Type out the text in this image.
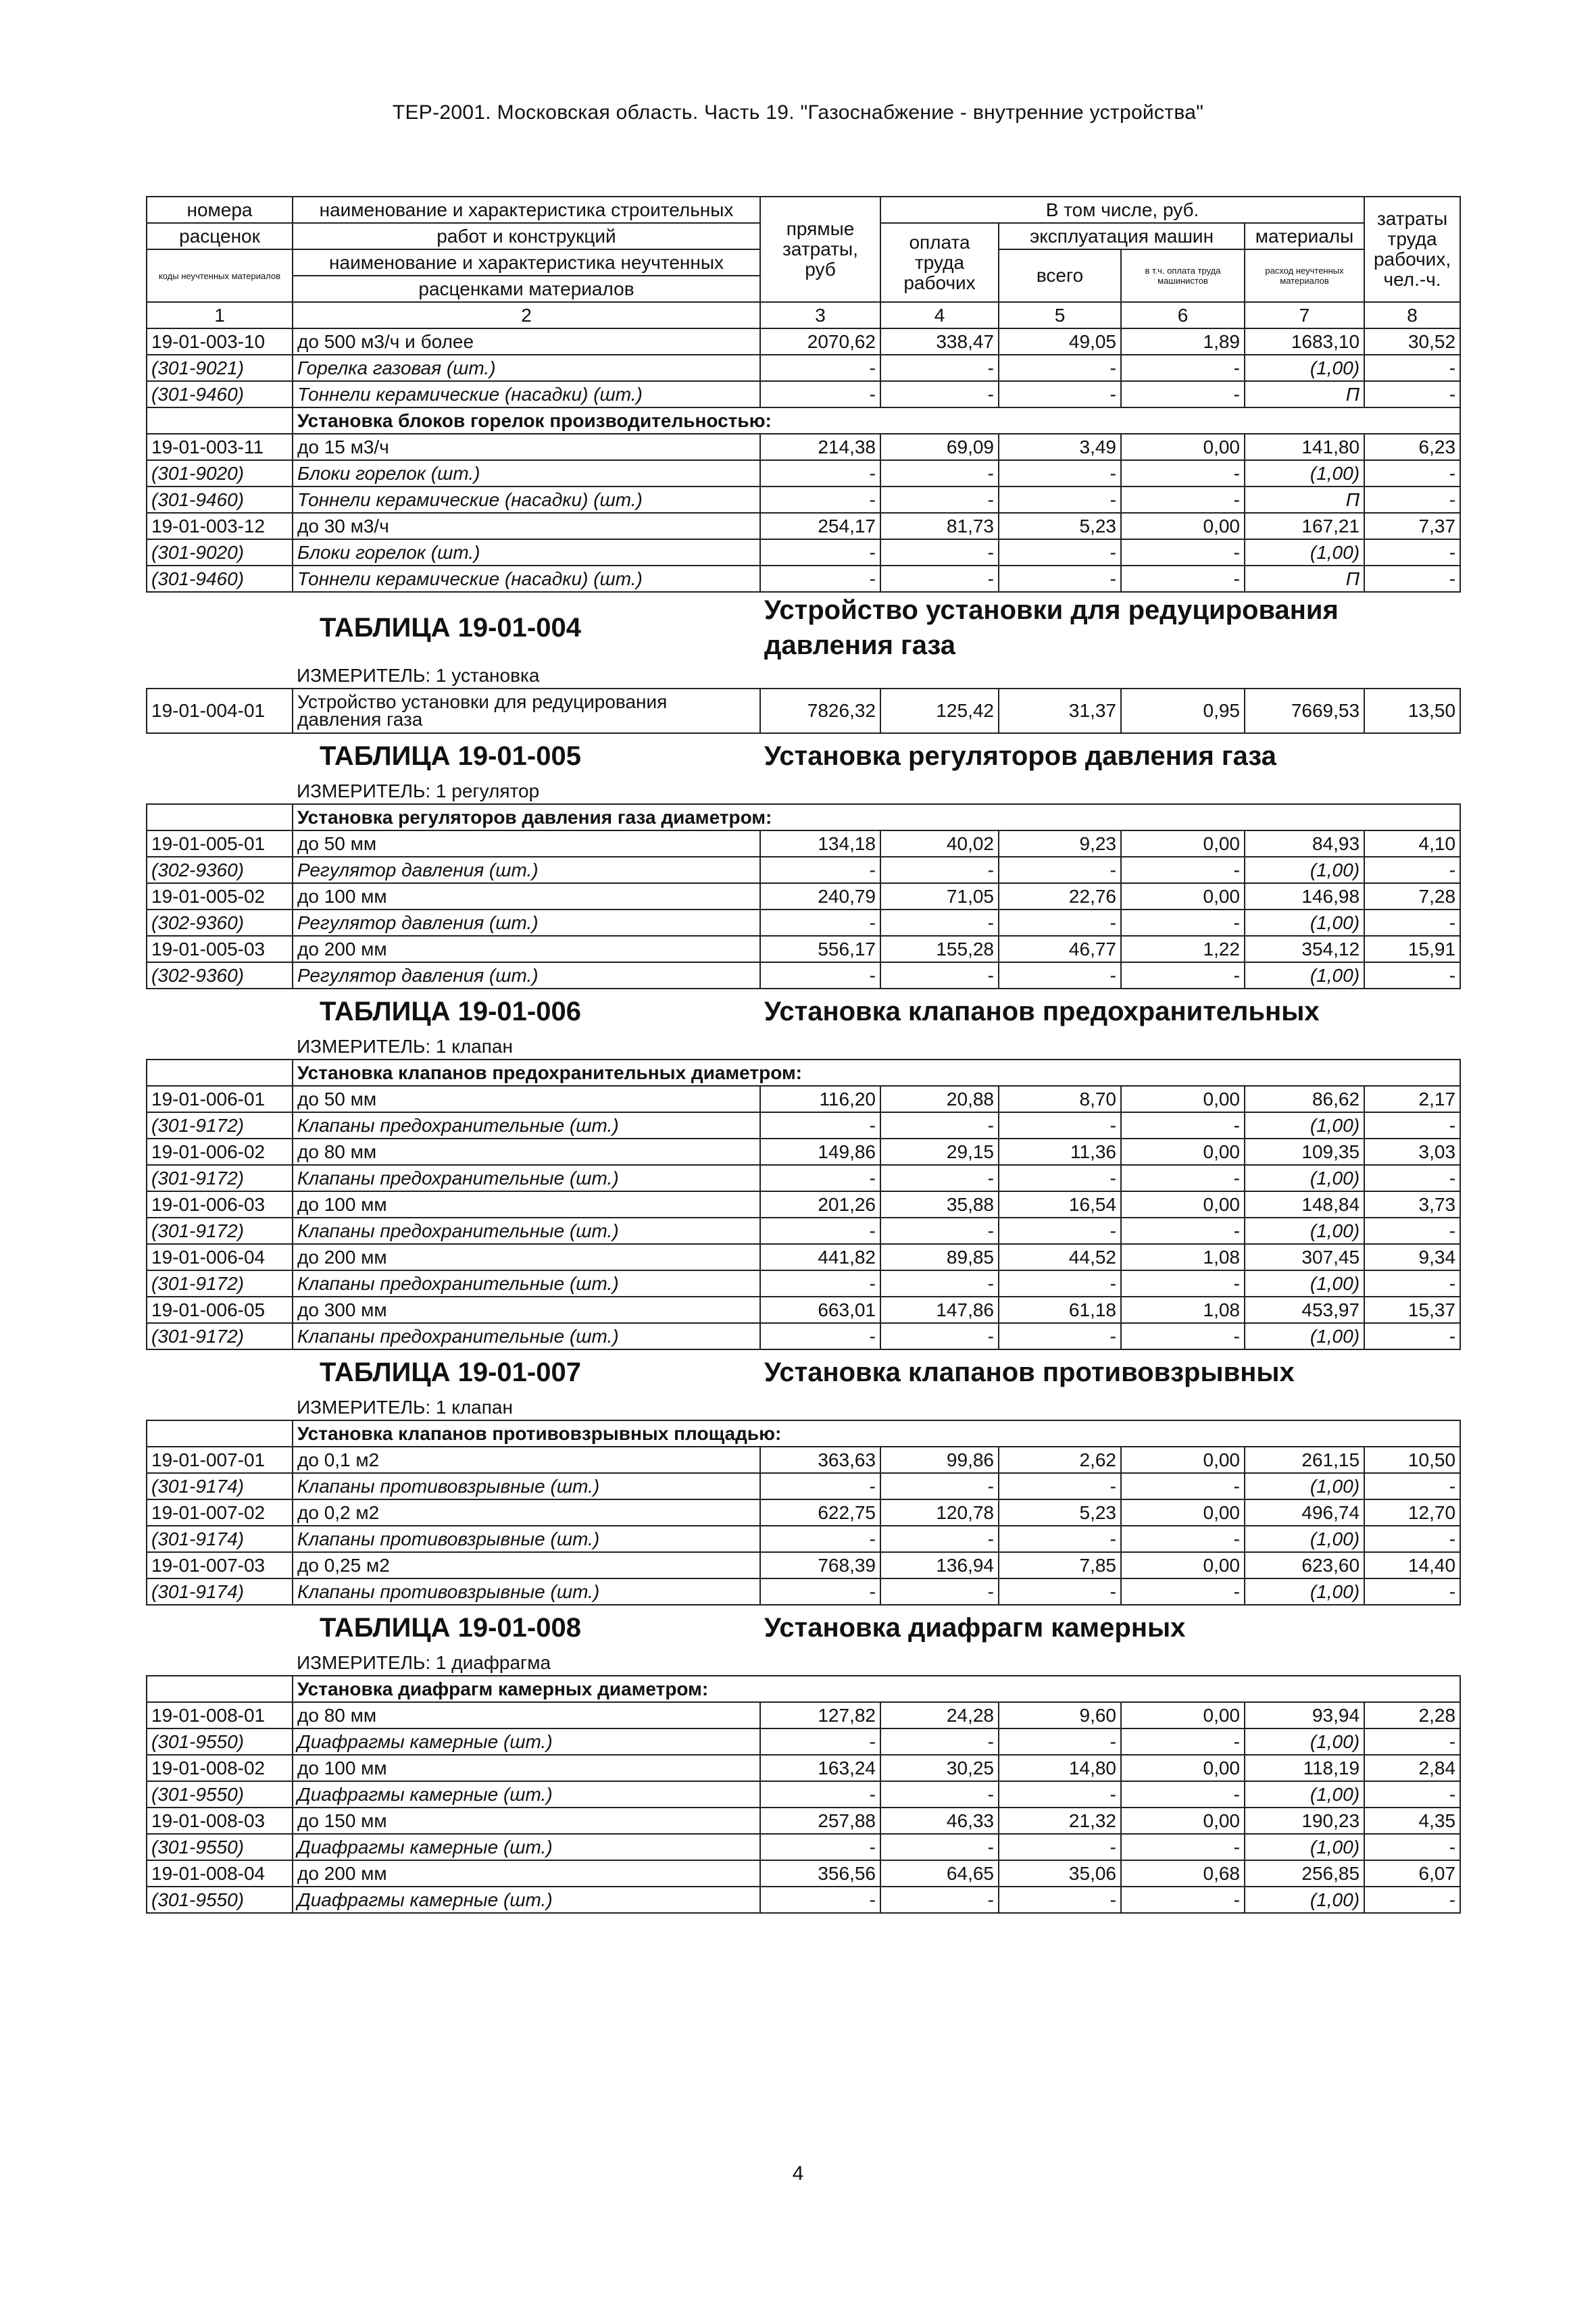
ТЕР-2001. Московская область. Часть 19. "Газоснабжение - внутренние устройства"
номера	наименование и характеристика строительных	прямые затраты, руб	В том числе, руб.				затраты труда рабочих, чел.-ч.
расценок	работ и конструкций		оплата труда рабочих	эксплуатация машин		материалы	
коды неучтенных материалов	наименование и характеристика неучтенных			всего	в т.ч. оплата труда машинистов	расход неучтенных материалов	
	расценками материалов						
1	2	3	4	5	6	7	8
19-01-003-10	до 500 м3/ч и более	2070,62	338,47	49,05	1,89	1683,10	30,52
(301-9021)	Горелка газовая (шт.)	-	-	-	-	(1,00)	-
(301-9460)	Тоннели керамические (насадки) (шт.)	-	-	-	-	П	-
	Установка блоков горелок производительностью:						
19-01-003-11	до 15 м3/ч	214,38	69,09	3,49	0,00	141,80	6,23
(301-9020)	Блоки горелок (шт.)	-	-	-	-	(1,00)	-
(301-9460)	Тоннели керамические (насадки) (шт.)	-	-	-	-	П	-
19-01-003-12	до 30 м3/ч	254,17	81,73	5,23	0,00	167,21	7,37
(301-9020)	Блоки горелок (шт.)	-	-	-	-	(1,00)	-
(301-9460)	Тоннели керамические (насадки) (шт.)	-	-	-	-	П	-
	ТАБЛИЦА 19-01-004	Устройство установки для редуцирования давления газа					
	ИЗМЕРИТЕЛЬ: 1 установка						
19-01-004-01	Устройство установки для редуцирования давления газа	7826,32	125,42	31,37	0,95	7669,53	13,50
	ТАБЛИЦА 19-01-005	Установка регуляторов давления газа					
	ИЗМЕРИТЕЛЬ: 1 регулятор						
	Установка регуляторов давления газа диаметром:						
19-01-005-01	до 50 мм	134,18	40,02	9,23	0,00	84,93	4,10
(302-9360)	Регулятор давления (шт.)	-	-	-	-	(1,00)	-
19-01-005-02	до 100 мм	240,79	71,05	22,76	0,00	146,98	7,28
(302-9360)	Регулятор давления (шт.)	-	-	-	-	(1,00)	-
19-01-005-03	до 200 мм	556,17	155,28	46,77	1,22	354,12	15,91
(302-9360)	Регулятор давления (шт.)	-	-	-	-	(1,00)	-
	ТАБЛИЦА 19-01-006	Установка клапанов предохранительных					
	ИЗМЕРИТЕЛЬ: 1 клапан						
	Установка клапанов предохранительных диаметром:						
19-01-006-01	до 50 мм	116,20	20,88	8,70	0,00	86,62	2,17
(301-9172)	Клапаны предохранительные (шт.)	-	-	-	-	(1,00)	-
19-01-006-02	до 80 мм	149,86	29,15	11,36	0,00	109,35	3,03
(301-9172)	Клапаны предохранительные (шт.)	-	-	-	-	(1,00)	-
19-01-006-03	до 100 мм	201,26	35,88	16,54	0,00	148,84	3,73
(301-9172)	Клапаны предохранительные (шт.)	-	-	-	-	(1,00)	-
19-01-006-04	до 200 мм	441,82	89,85	44,52	1,08	307,45	9,34
(301-9172)	Клапаны предохранительные (шт.)	-	-	-	-	(1,00)	-
19-01-006-05	до 300 мм	663,01	147,86	61,18	1,08	453,97	15,37
(301-9172)	Клапаны предохранительные (шт.)	-	-	-	-	(1,00)	-
	ТАБЛИЦА 19-01-007	Установка клапанов противовзрывных					
	ИЗМЕРИТЕЛЬ: 1 клапан						
	Установка клапанов противовзрывных площадью:						
19-01-007-01	до 0,1 м2	363,63	99,86	2,62	0,00	261,15	10,50
(301-9174)	Клапаны противовзрывные (шт.)	-	-	-	-	(1,00)	-
19-01-007-02	до 0,2 м2	622,75	120,78	5,23	0,00	496,74	12,70
(301-9174)	Клапаны противовзрывные (шт.)	-	-	-	-	(1,00)	-
19-01-007-03	до 0,25 м2	768,39	136,94	7,85	0,00	623,60	14,40
(301-9174)	Клапаны противовзрывные (шт.)	-	-	-	-	(1,00)	-
	ТАБЛИЦА 19-01-008	Установка диафрагм камерных					
	ИЗМЕРИТЕЛЬ: 1 диафрагма						
	Установка диафрагм камерных диаметром:						
19-01-008-01	до 80 мм	127,82	24,28	9,60	0,00	93,94	2,28
(301-9550)	Диафрагмы камерные (шт.)	-	-	-	-	(1,00)	-
19-01-008-02	до 100 мм	163,24	30,25	14,80	0,00	118,19	2,84
(301-9550)	Диафрагмы камерные (шт.)	-	-	-	-	(1,00)	-
19-01-008-03	до 150 мм	257,88	46,33	21,32	0,00	190,23	4,35
(301-9550)	Диафрагмы камерные (шт.)	-	-	-	-	(1,00)	-
19-01-008-04	до 200 мм	356,56	64,65	35,06	0,68	256,85	6,07
(301-9550)	Диафрагмы камерные (шт.)	-	-	-	-	(1,00)	-
4
